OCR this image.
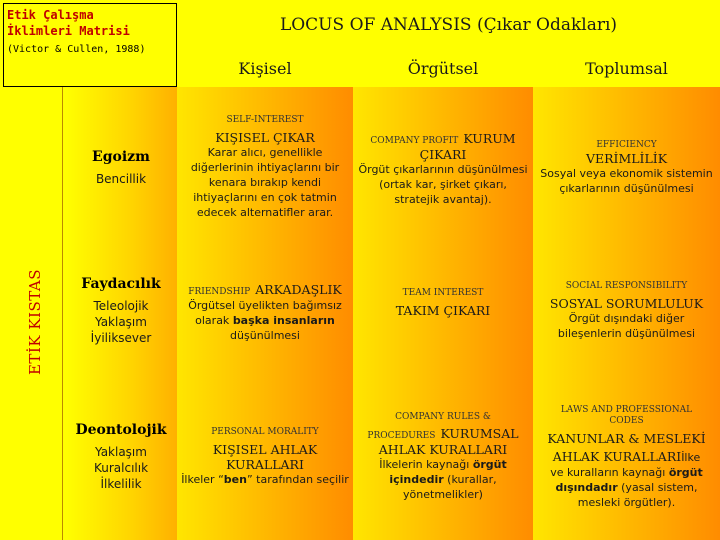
Etik Çalışma
İklimleri Matrisi
(Victor & Cullen, 1988)
LOCUS OF ANALYSIS
(Çıkar Odakları)
Kişisel	Örgütsel	Toplumsal
ETİK KISTAS
Egoizm
Bencillik
Faydacılık
Teleolojik
Yaklaşım
İyiliksever
Deontolojik
Yaklaşım
Kuralcılık
İlkelilik
SELF-INTEREST
KIŞISEL ÇIKAR
Karar alıcı, genellikle diğerlerinin ihtiyaçlarını bir kenara bırakıp kendi ihtiyaçlarını en çok tatmin edecek alternatifler arar.
COMPANY PROFIT KURUM
ÇIKARI
Örgüt çıkarlarının düşünülmesi (ortak kar, şirket çıkarı, stratejik avantaj).
EFFICIENCY
VERİMLİLİK
Sosyal veya ekonomik sistemin çıkarlarının düşünülmesi
FRIENDSHIP ARKADAŞLIK
Örgütsel üyelikten bağımsız olarak başka insanların düşünülmesi
TEAM INTEREST
TAKIM ÇIKARI
SOCIAL RESPONSIBILITY
SOSYAL SORUMLULUK
Örgüt dışındaki diğer bileşenlerin düşünülmesi
PERSONAL MORALITY
KIŞISEL AHLAK KURALLARI
İlkeler “ben” tarafından seçilir
COMPANY RULES &
PROCEDURES KURUMSAL
AHLAK KURALLARI
İlkelerin kaynağı örgüt içindedir (kurallar, yönetmelikler)
LAWS AND PROFESSIONAL
CODES
KANUNLAR & MESLEKİ
AHLAK KURALLARIİlke
ve kuralların kaynağı örgüt dışındadır (yasal sistem, mesleki örgütler).
